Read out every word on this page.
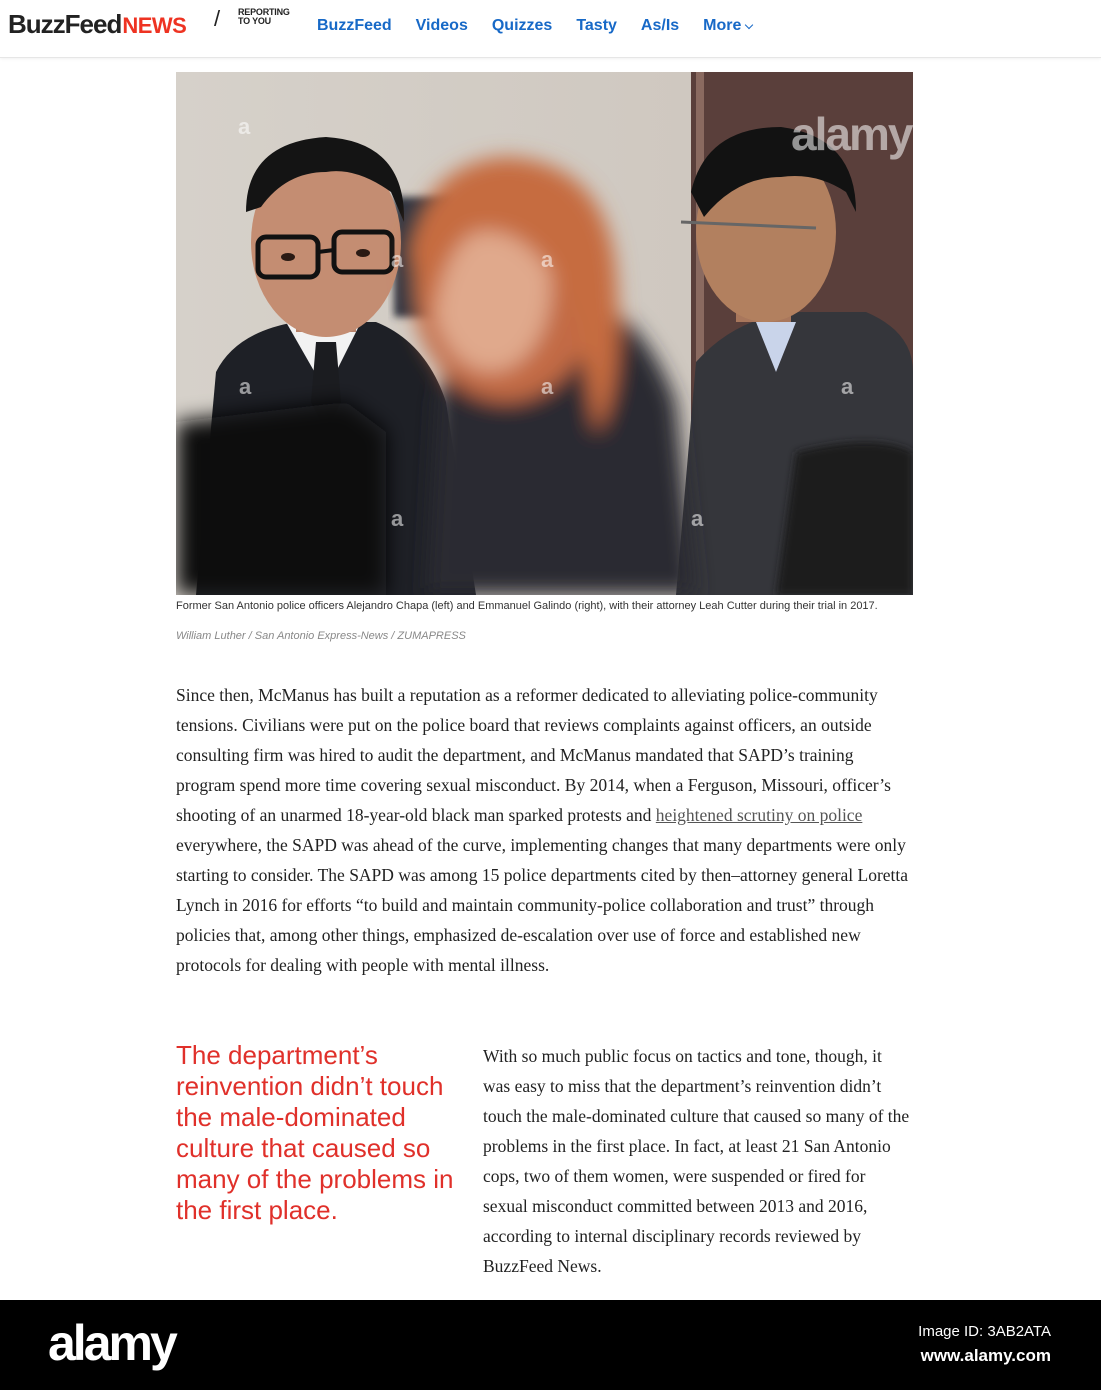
BuzzFeed NEWS / REPORTING TO YOU	BuzzFeed Videos Quizzes Tasty As/Is More
alamy
a
a	a
a	a	a
a	a
Former San Antonio police officers Alejandro Chapa (left) and Emmanuel Galindo (right), with their attorney Leah Cutter during their trial in 2017.
William Luther / San Antonio Express-News / ZUMAPRESS

Since then, McManus has built a reputation as a reformer dedicated to alleviating police-community tensions. Civilians were put on the police board that reviews complaints against officers, an outside consulting firm was hired to audit the department, and McManus mandated that SAPD’s training program spend more time covering sexual misconduct. By 2014, when a Ferguson, Missouri, officer’s shooting of an unarmed 18-year-old black man sparked protests and heightened scrutiny on police everywhere, the SAPD was ahead of the curve, implementing changes that many departments were only starting to consider. The SAPD was among 15 police departments cited by then–attorney general Loretta Lynch in 2016 for efforts “to build and maintain community-police collaboration and trust” through policies that, among other things, emphasized de-escalation over use of force and established new protocols for dealing with people with mental illness.

The department’s reinvention didn’t touch the male-dominated culture that caused so many of the problems in the first place.

With so much public focus on tactics and tone, though, it was easy to miss that the department’s reinvention didn’t touch the male-dominated culture that caused so many of the problems in the first place. In fact, at least 21 San Antonio cops, two of them women, were suspended or fired for sexual misconduct committed between 2013 and 2016, according to internal disciplinary records reviewed by BuzzFeed News.

alamy	Image ID: 3AB2ATA
www.alamy.com
